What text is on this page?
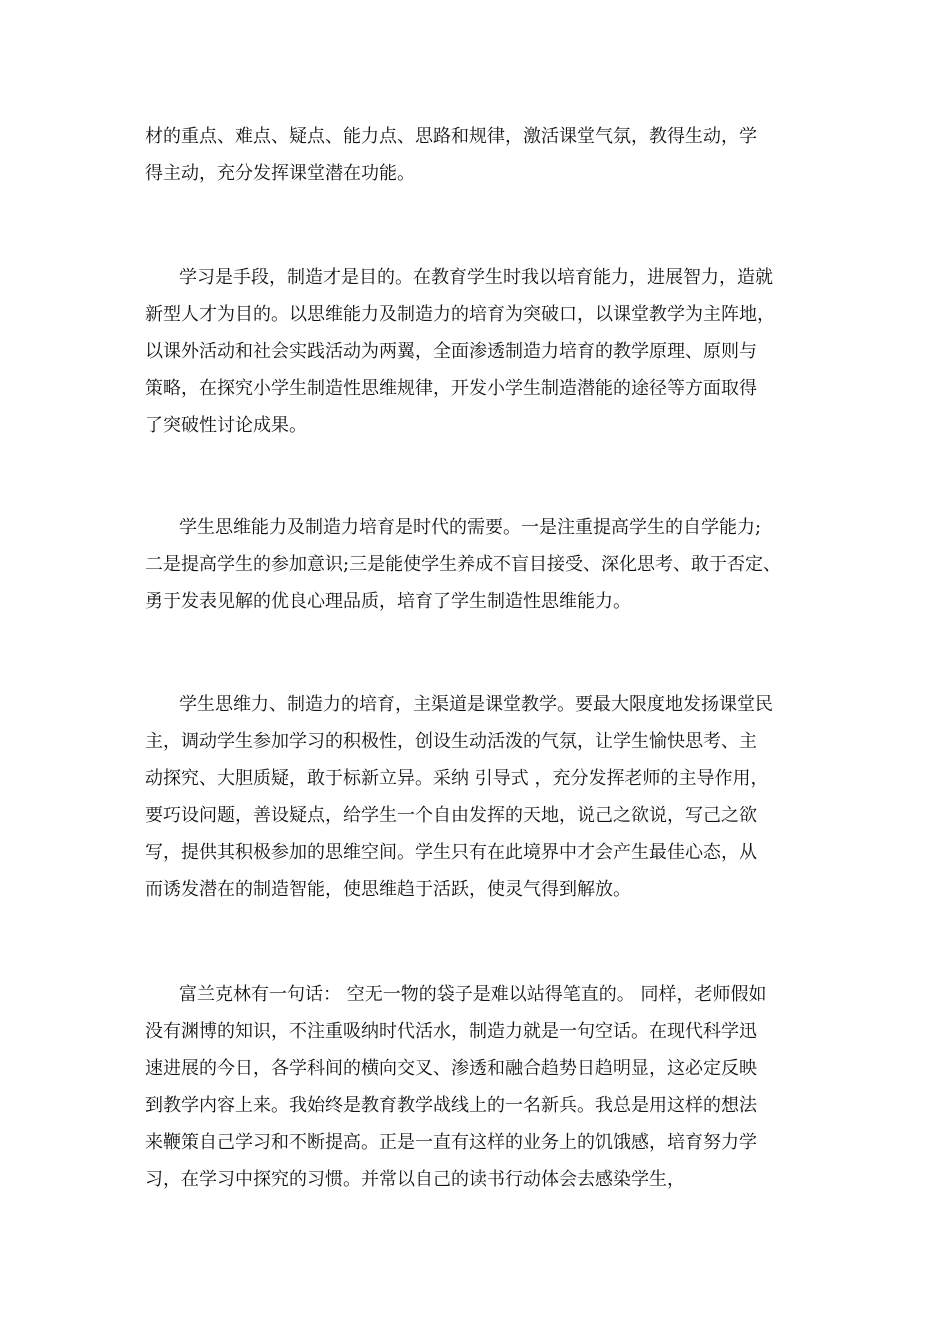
材的重点、难点、疑点、能力点、思路和规律，激活课堂气氛，教得生动，学
得主动，充分发挥课堂潜在功能。
学习是手段，制造才是目的。在教育学生时我以培育能力，进展智力，造就
新型人才为目的。以思维能力及制造力的培育为突破口，以课堂教学为主阵地，
以课外活动和社会实践活动为两翼，全面渗透制造力培育的教学原理、原则与
策略，在探究小学生制造性思维规律，开发小学生制造潜能的途径等方面取得
了突破性讨论成果。
学生思维能力及制造力培育是时代的需要。一是注重提高学生的自学能力;
二是提高学生的参加意识;三是能使学生养成不盲目接受、深化思考、敢于否定、
勇于发表见解的优良心理品质，培育了学生制造性思维能力。
学生思维力、制造力的培育，主渠道是课堂教学。要最大限度地发扬课堂民
主，调动学生参加学习的积极性，创设生动活泼的气氛，让学生愉快思考、主
动探究、大胆质疑，敢于标新立异。采纳 引导式 ，充分发挥老师的主导作用，
要巧设问题，善设疑点，给学生一个自由发挥的天地，说己之欲说，写己之欲
写，提供其积极参加的思维空间。学生只有在此境界中才会产生最佳心态，从
而诱发潜在的制造智能，使思维趋于活跃，使灵气得到解放。
富兰克林有一句话： 空无一物的袋子是难以站得笔直的。 同样，老师假如
没有渊博的知识，不注重吸纳时代活水，制造力就是一句空话。在现代科学迅
速进展的今日，各学科间的横向交叉、渗透和融合趋势日趋明显，这必定反映
到教学内容上来。我始终是教育教学战线上的一名新兵。我总是用这样的想法
来鞭策自己学习和不断提高。正是一直有这样的业务上的饥饿感，培育努力学
习，在学习中探究的习惯。并常以自己的读书行动体会去感染学生，
